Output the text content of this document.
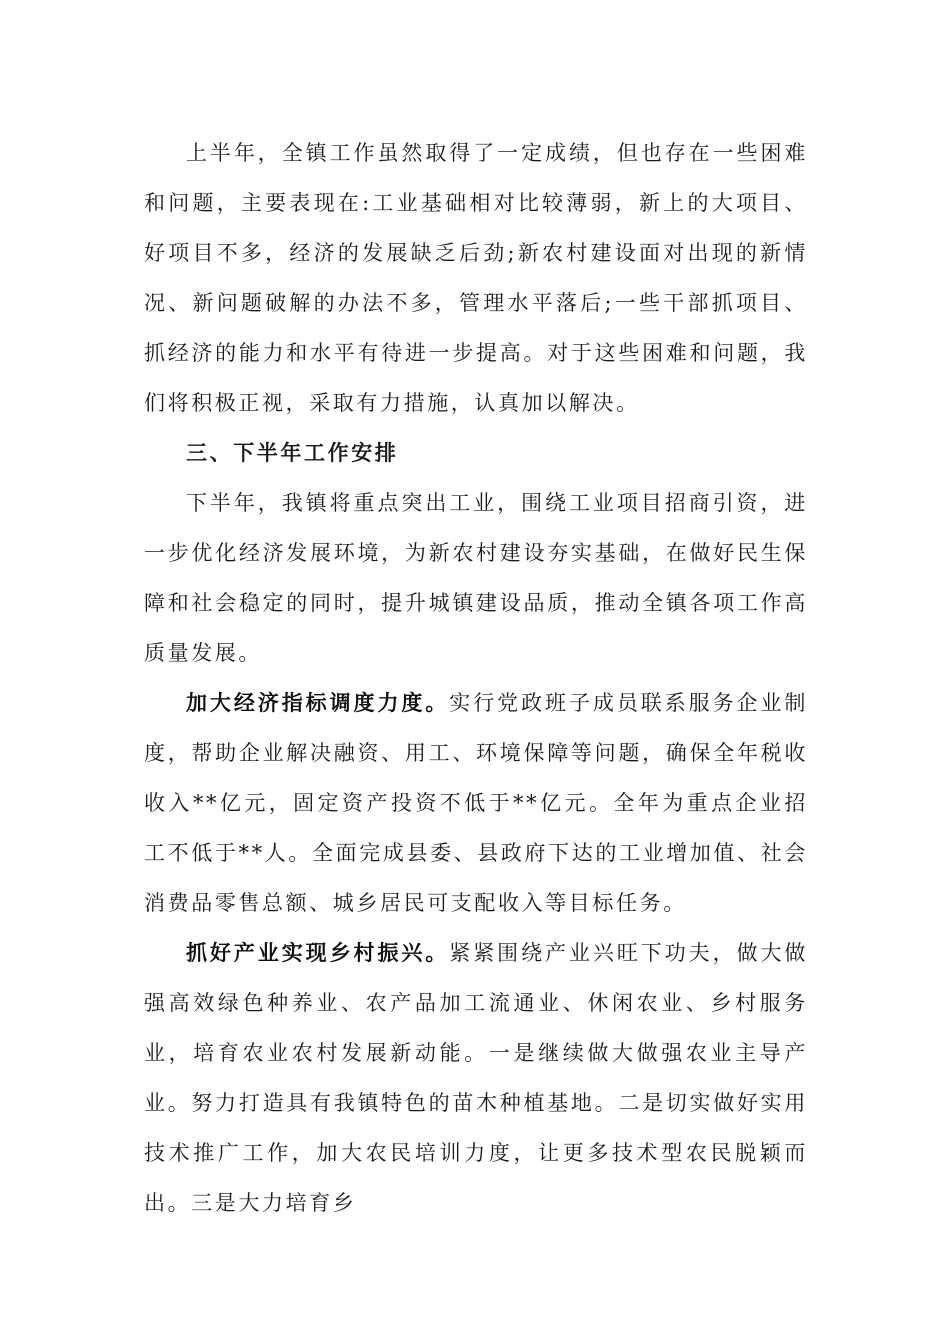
上半年，全镇工作虽然取得了一定成绩，但也存在一些困难和问题，主要表现在:工业基础相对比较薄弱，新上的大项目、好项目不多，经济的发展缺乏后劲;新农村建设面对出现的新情况、新问题破解的办法不多，管理水平落后;一些干部抓项目、抓经济的能力和水平有待进一步提高。对于这些困难和问题，我们将积极正视，采取有力措施，认真加以解决。

三、下半年工作安排

下半年，我镇将重点突出工业，围绕工业项目招商引资，进一步优化经济发展环境，为新农村建设夯实基础，在做好民生保障和社会稳定的同时，提升城镇建设品质，推动全镇各项工作高质量发展。

加大经济指标调度力度。实行党政班子成员联系服务企业制度，帮助企业解决融资、用工、环境保障等问题，确保全年税收收入**亿元，固定资产投资不低于**亿元。全年为重点企业招工不低于**人。全面完成县委、县政府下达的工业增加值、社会消费品零售总额、城乡居民可支配收入等目标任务。

抓好产业实现乡村振兴。紧紧围绕产业兴旺下功夫，做大做强高效绿色种养业、农产品加工流通业、休闲农业、乡村服务业，培育农业农村发展新动能。一是继续做大做强农业主导产业。努力打造具有我镇特色的苗木种植基地。二是切实做好实用技术推广工作，加大农民培训力度，让更多技术型农民脱颖而出。三是大力培育乡
